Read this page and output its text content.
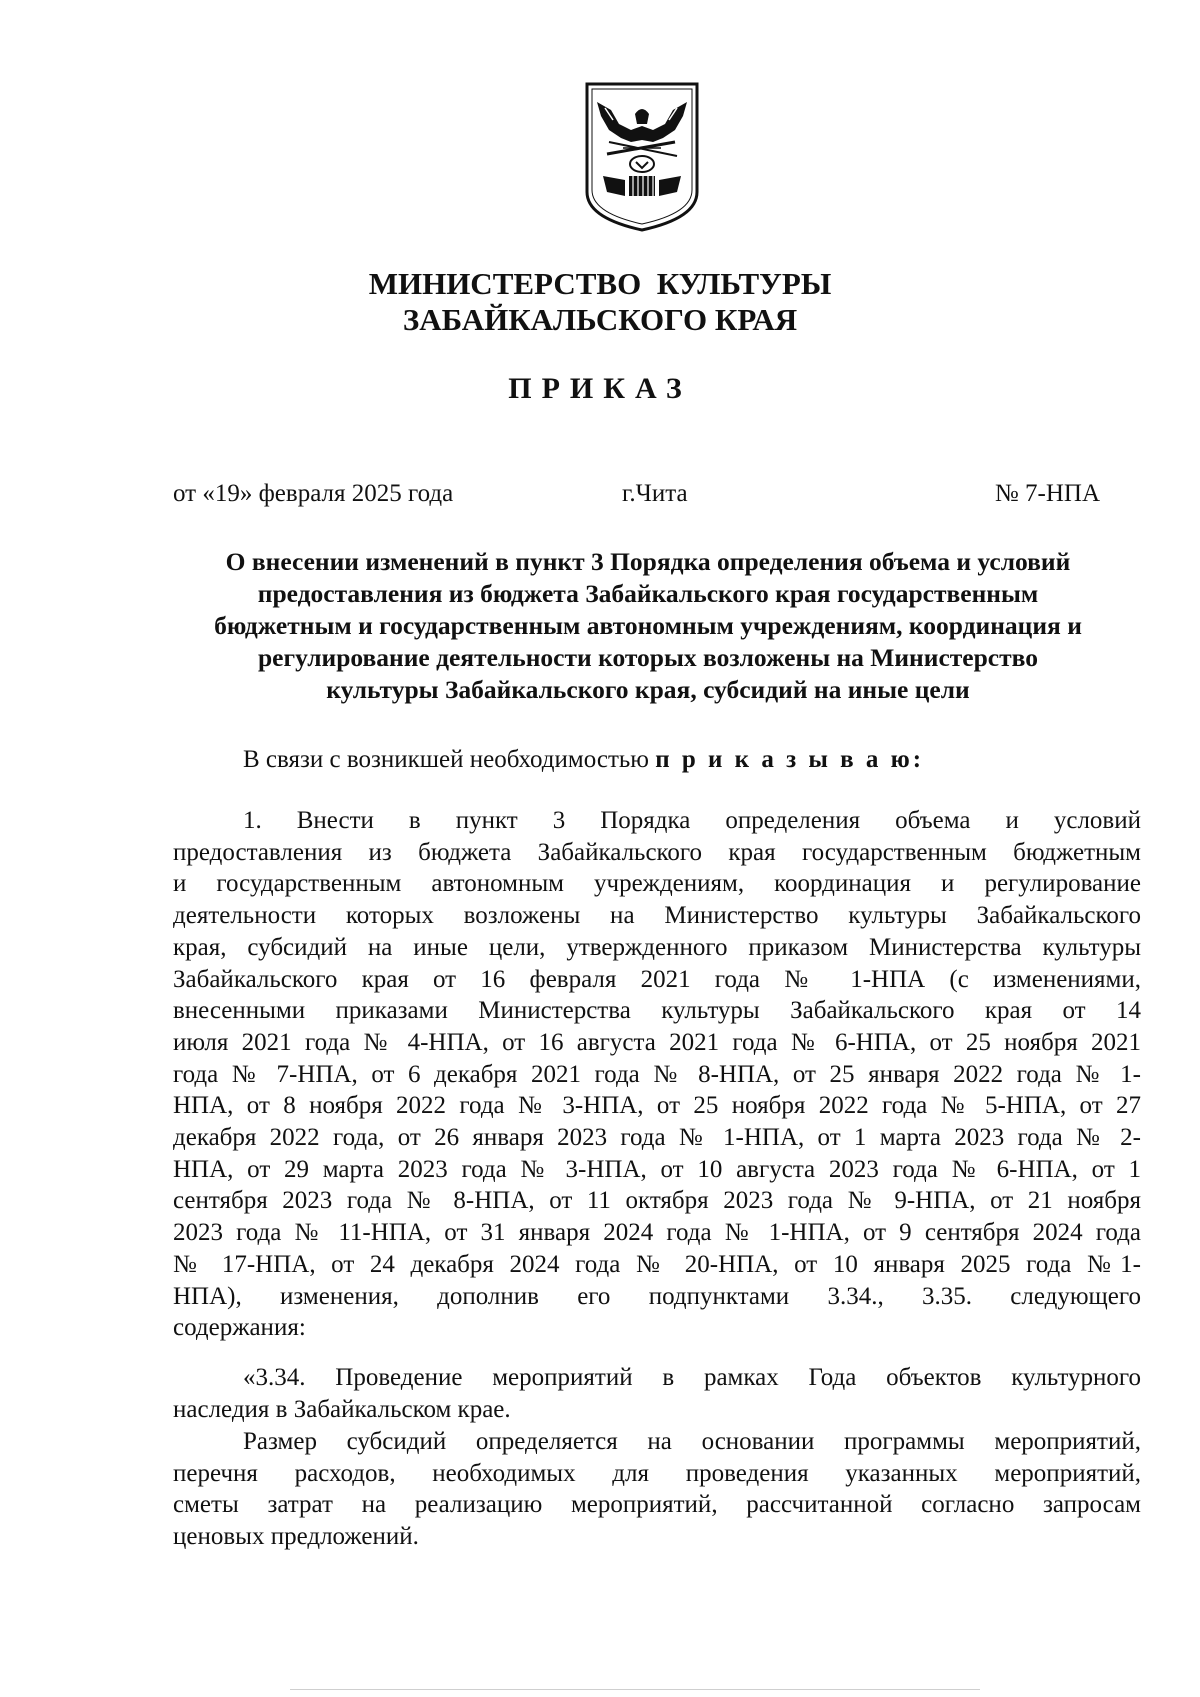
МИНИСТЕРСТВО  КУЛЬТУРЫ
ЗАБАЙКАЛЬСКОГО КРАЯ
ПРИКАЗ
от «19» февраля 2025 года	г.Чита	№ 7-НПА
О внесении изменений в пункт 3 Порядка определения объема и условий
предоставления из бюджета Забайкальского края государственным
бюджетным и государственным автономным учреждениям, координация и
регулирование деятельности которых возложены на Министерство
культуры Забайкальского края, субсидий на иные цели
В связи с возникшей необходимостью п р и к а з ы в а ю:
1. Внести в пункт 3 Порядка определения объема и условий
предоставления из бюджета Забайкальского края государственным бюджетным
и государственным автономным учреждениям, координация и регулирование
деятельности которых возложены на Министерство культуры Забайкальского
края, субсидий на иные цели, утвержденного приказом Министерства культуры
Забайкальского края от 16 февраля 2021 года № 1-НПА (с изменениями,
внесенными приказами Министерства культуры Забайкальского края от 14
июля 2021 года № 4-НПА, от 16 августа 2021 года № 6-НПА, от 25 ноября 2021
года № 7-НПА, от 6 декабря 2021 года № 8-НПА, от 25 января 2022 года № 1-
НПА, от 8 ноября 2022 года № 3-НПА, от 25 ноября 2022 года № 5-НПА, от 27
декабря 2022 года, от 26 января 2023 года № 1-НПА, от 1 марта 2023 года № 2-
НПА, от 29 марта 2023 года № 3-НПА, от 10 августа 2023 года № 6-НПА, от 1
сентября 2023 года № 8-НПА, от 11 октября 2023 года № 9-НПА, от 21 ноября
2023 года № 11-НПА, от 31 января 2024 года № 1-НПА, от 9 сентября 2024 года
№ 17-НПА, от 24 декабря 2024 года № 20-НПА, от 10 января 2025 года №1-
НПА), изменения, дополнив его подпунктами 3.34., 3.35. следующего
содержания:
«3.34. Проведение мероприятий в рамках Года объектов культурного
наследия в Забайкальском крае.
Размер субсидий определяется на основании программы мероприятий,
перечня расходов, необходимых для проведения указанных мероприятий,
сметы затрат на реализацию мероприятий, рассчитанной согласно запросам
ценовых предложений.
